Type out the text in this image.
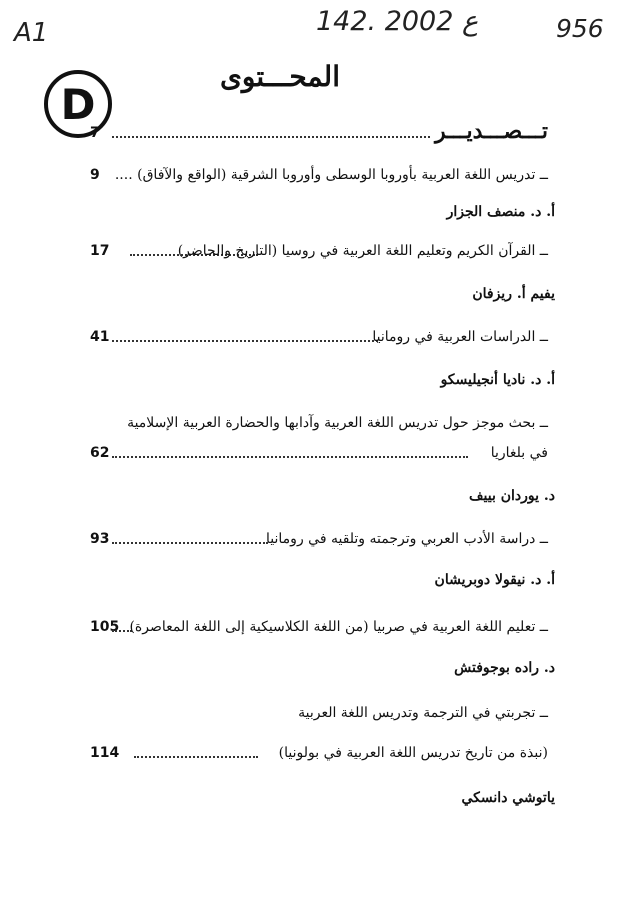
A1	142. ع 2002	956
D
المحـــتوى
7	تـــصـــديـــر
9 ــ تدريس اللغة العربية بأوروبا الوسطى وأوروبا الشرقية (الواقع والآفاق) ....
أ. د. منصف الجزار
17	ــ القرآن الكريم وتعليم اللغة العربية في روسيا (التاريخ والحاضر)
يفيم أ. ريزفان
41	ــ الدراسات العربية في رومانيا
أ. د. ناديا أنجيليسكو
ــ بحث موجز حول تدريس اللغة العربية وآدابها والحضارة العربية الإسلامية
62	في بلغاريا
د. يوردان بييف
93	ــ دراسة الأدب العربي وترجمته وتلقيه في رومانيا
أ. د. نيقولا دوبريشان
105 ــ تعليم اللغة العربية في صربيا (من اللغة الكلاسيكية إلى اللغة المعاصرة)
د. راده بوجوفتش
ــ تجربتي في الترجمة وتدريس اللغة العربية
114	(نبذة من تاريخ تدريس اللغة العربية في بولونيا)
ياتوشي دانسكي
